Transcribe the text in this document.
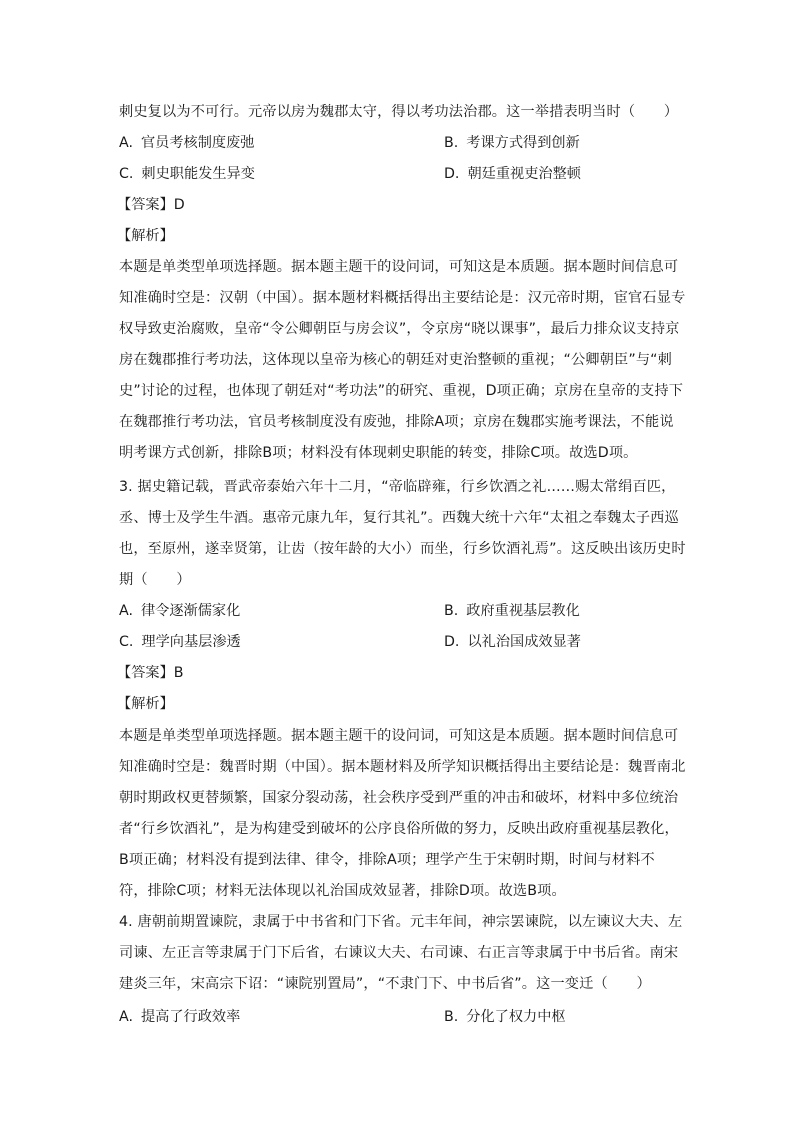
刺史复以为不可行。元帝以房为魏郡太守，得以考功法治郡。这一举措表明当时（　　）
A. 官员考核制度废弛	B. 考课方式得到创新
C. 刺史职能发生异变	D. 朝廷重视吏治整顿
【答案】D
【解析】
本题是单类型单项选择题。据本题主题干的设问词，可知这是本质题。据本题时间信息可
知准确时空是：汉朝（中国）。据本题材料概括得出主要结论是：汉元帝时期，宦官石显专
权导致吏治腐败，皇帝“令公卿朝臣与房会议”，令京房“晓以课事”，最后力排众议支持京
房在魏郡推行考功法，这体现以皇帝为核心的朝廷对吏治整顿的重视；“公卿朝臣”与“刺
史”讨论的过程，也体现了朝廷对“考功法”的研究、重视，D项正确；京房在皇帝的支持下
在魏郡推行考功法，官员考核制度没有废弛，排除A项；京房在魏郡实施考课法，不能说
明考课方式创新，排除B项；材料没有体现刺史职能的转变，排除C项。故选D项。
3. 据史籍记载，晋武帝泰始六年十二月，“帝临辟雍，行乡饮酒之礼……赐太常绢百匹，
丞、博士及学生牛酒。惠帝元康九年，复行其礼”。西魏大统十六年“太祖之奉魏太子西巡
也，至原州，遂幸贤第，让齿（按年龄的大小）而坐，行乡饮酒礼焉”。这反映出该历史时
期（　　）
A. 律令逐渐儒家化	B. 政府重视基层教化
C. 理学向基层渗透	D. 以礼治国成效显著
【答案】B
【解析】
本题是单类型单项选择题。据本题主题干的设问词，可知这是本质题。据本题时间信息可
知准确时空是：魏晋时期（中国）。据本题材料及所学知识概括得出主要结论是：魏晋南北
朝时期政权更替频繁，国家分裂动荡，社会秩序受到严重的冲击和破坏，材料中多位统治
者“行乡饮酒礼”，是为构建受到破坏的公序良俗所做的努力，反映出政府重视基层教化，
B项正确；材料没有提到法律、律令，排除A项；理学产生于宋朝时期，时间与材料不
符，排除C项；材料无法体现以礼治国成效显著，排除D项。故选B项。
4. 唐朝前期置谏院，隶属于中书省和门下省。元丰年间，神宗罢谏院，以左谏议大夫、左
司谏、左正言等隶属于门下后省，右谏议大夫、右司谏、右正言等隶属于中书后省。南宋
建炎三年，宋高宗下诏：“谏院别置局”，“不隶门下、中书后省”。这一变迁（　　）
A. 提高了行政效率	B. 分化了权力中枢
